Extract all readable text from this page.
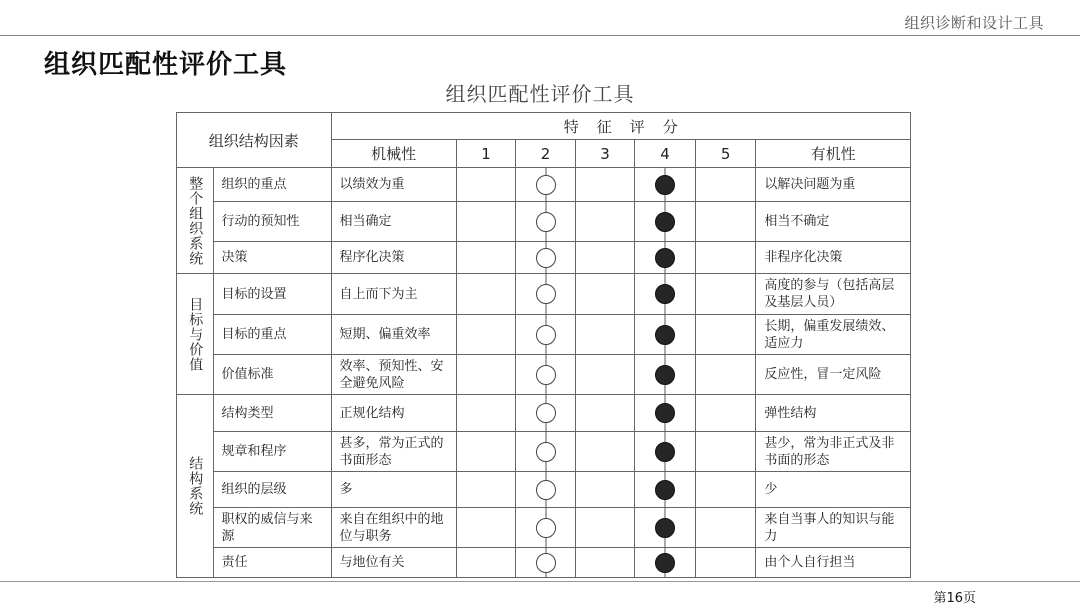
组织诊断和设计工具
组织匹配性评价工具
组织匹配性评价工具
组织结构因素		特征评分						
		机械性	1	2	3	4	5	有机性

整个组织系统	组织的重点	以绩效为重						以解决问题为重
	行动的预知性	相当确定						相当不确定
	决策	程序化决策						非程序化决策

目标与价值	目标的设置	自上而下为主						高度的参与（包括高层及基层人员）
	目标的重点	短期、偏重效率						长期，偏重发展绩效、适应力
	价值标准	效率、预知性、安全避免风险						反应性，冒一定风险

结构系统	结构类型	正规化结构						弹性结构
	规章和程序	甚多，常为正式的书面形态						甚少，常为非正式及非书面的形态
	组织的层级	多						少
	职权的威信与来源	来自在组织中的地位与职务						来自当事人的知识与能力
	责任	与地位有关						由个人自行担当
第16页
